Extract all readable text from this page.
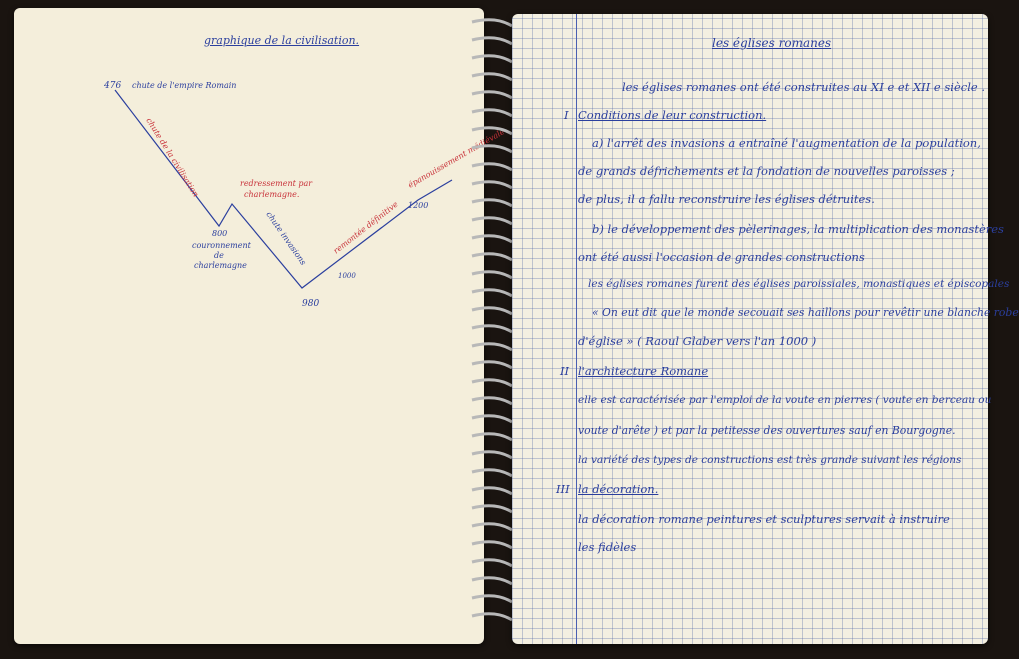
graphique de la civilisation.
476 chute de l'empire Romain
chute de la civilisation	redressement par
charlemagne.
800
couronnement
de
charlemagne chute invasions
980
1000
remontée définitive 1200
épanouissement médiévale
les églises romanes
les églises romanes ont été construites au XI e et XII e siècle .
I Conditions de leur construction.
a) l'arrêt des invasions a entraîné l'augmentation de la population,
de grands défrichements et la fondation de nouvelles paroisses ;
de plus, il a fallu reconstruire les églises détruites.
b) le développement des pèlerinages, la multiplication des monastères
ont été aussi l'occasion de grandes constructions
les églises romanes furent des églises paroissiales, monastiques et épiscopales
« On eut dit que le monde secouait ses haillons pour revêtir une blanche robe
d'église » ( Raoul Glaber vers l'an 1000 )
II l'architecture Romane
elle est caractérisée par l'emploi de la voute en pierres ( voute en berceau ou
voute d'arête ) et par la petitesse des ouvertures sauf en Bourgogne.
la variété des types de constructions est très grande suivant les régions
III la décoration.
la décoration romane peintures et sculptures servait à instruire
les fidèles
